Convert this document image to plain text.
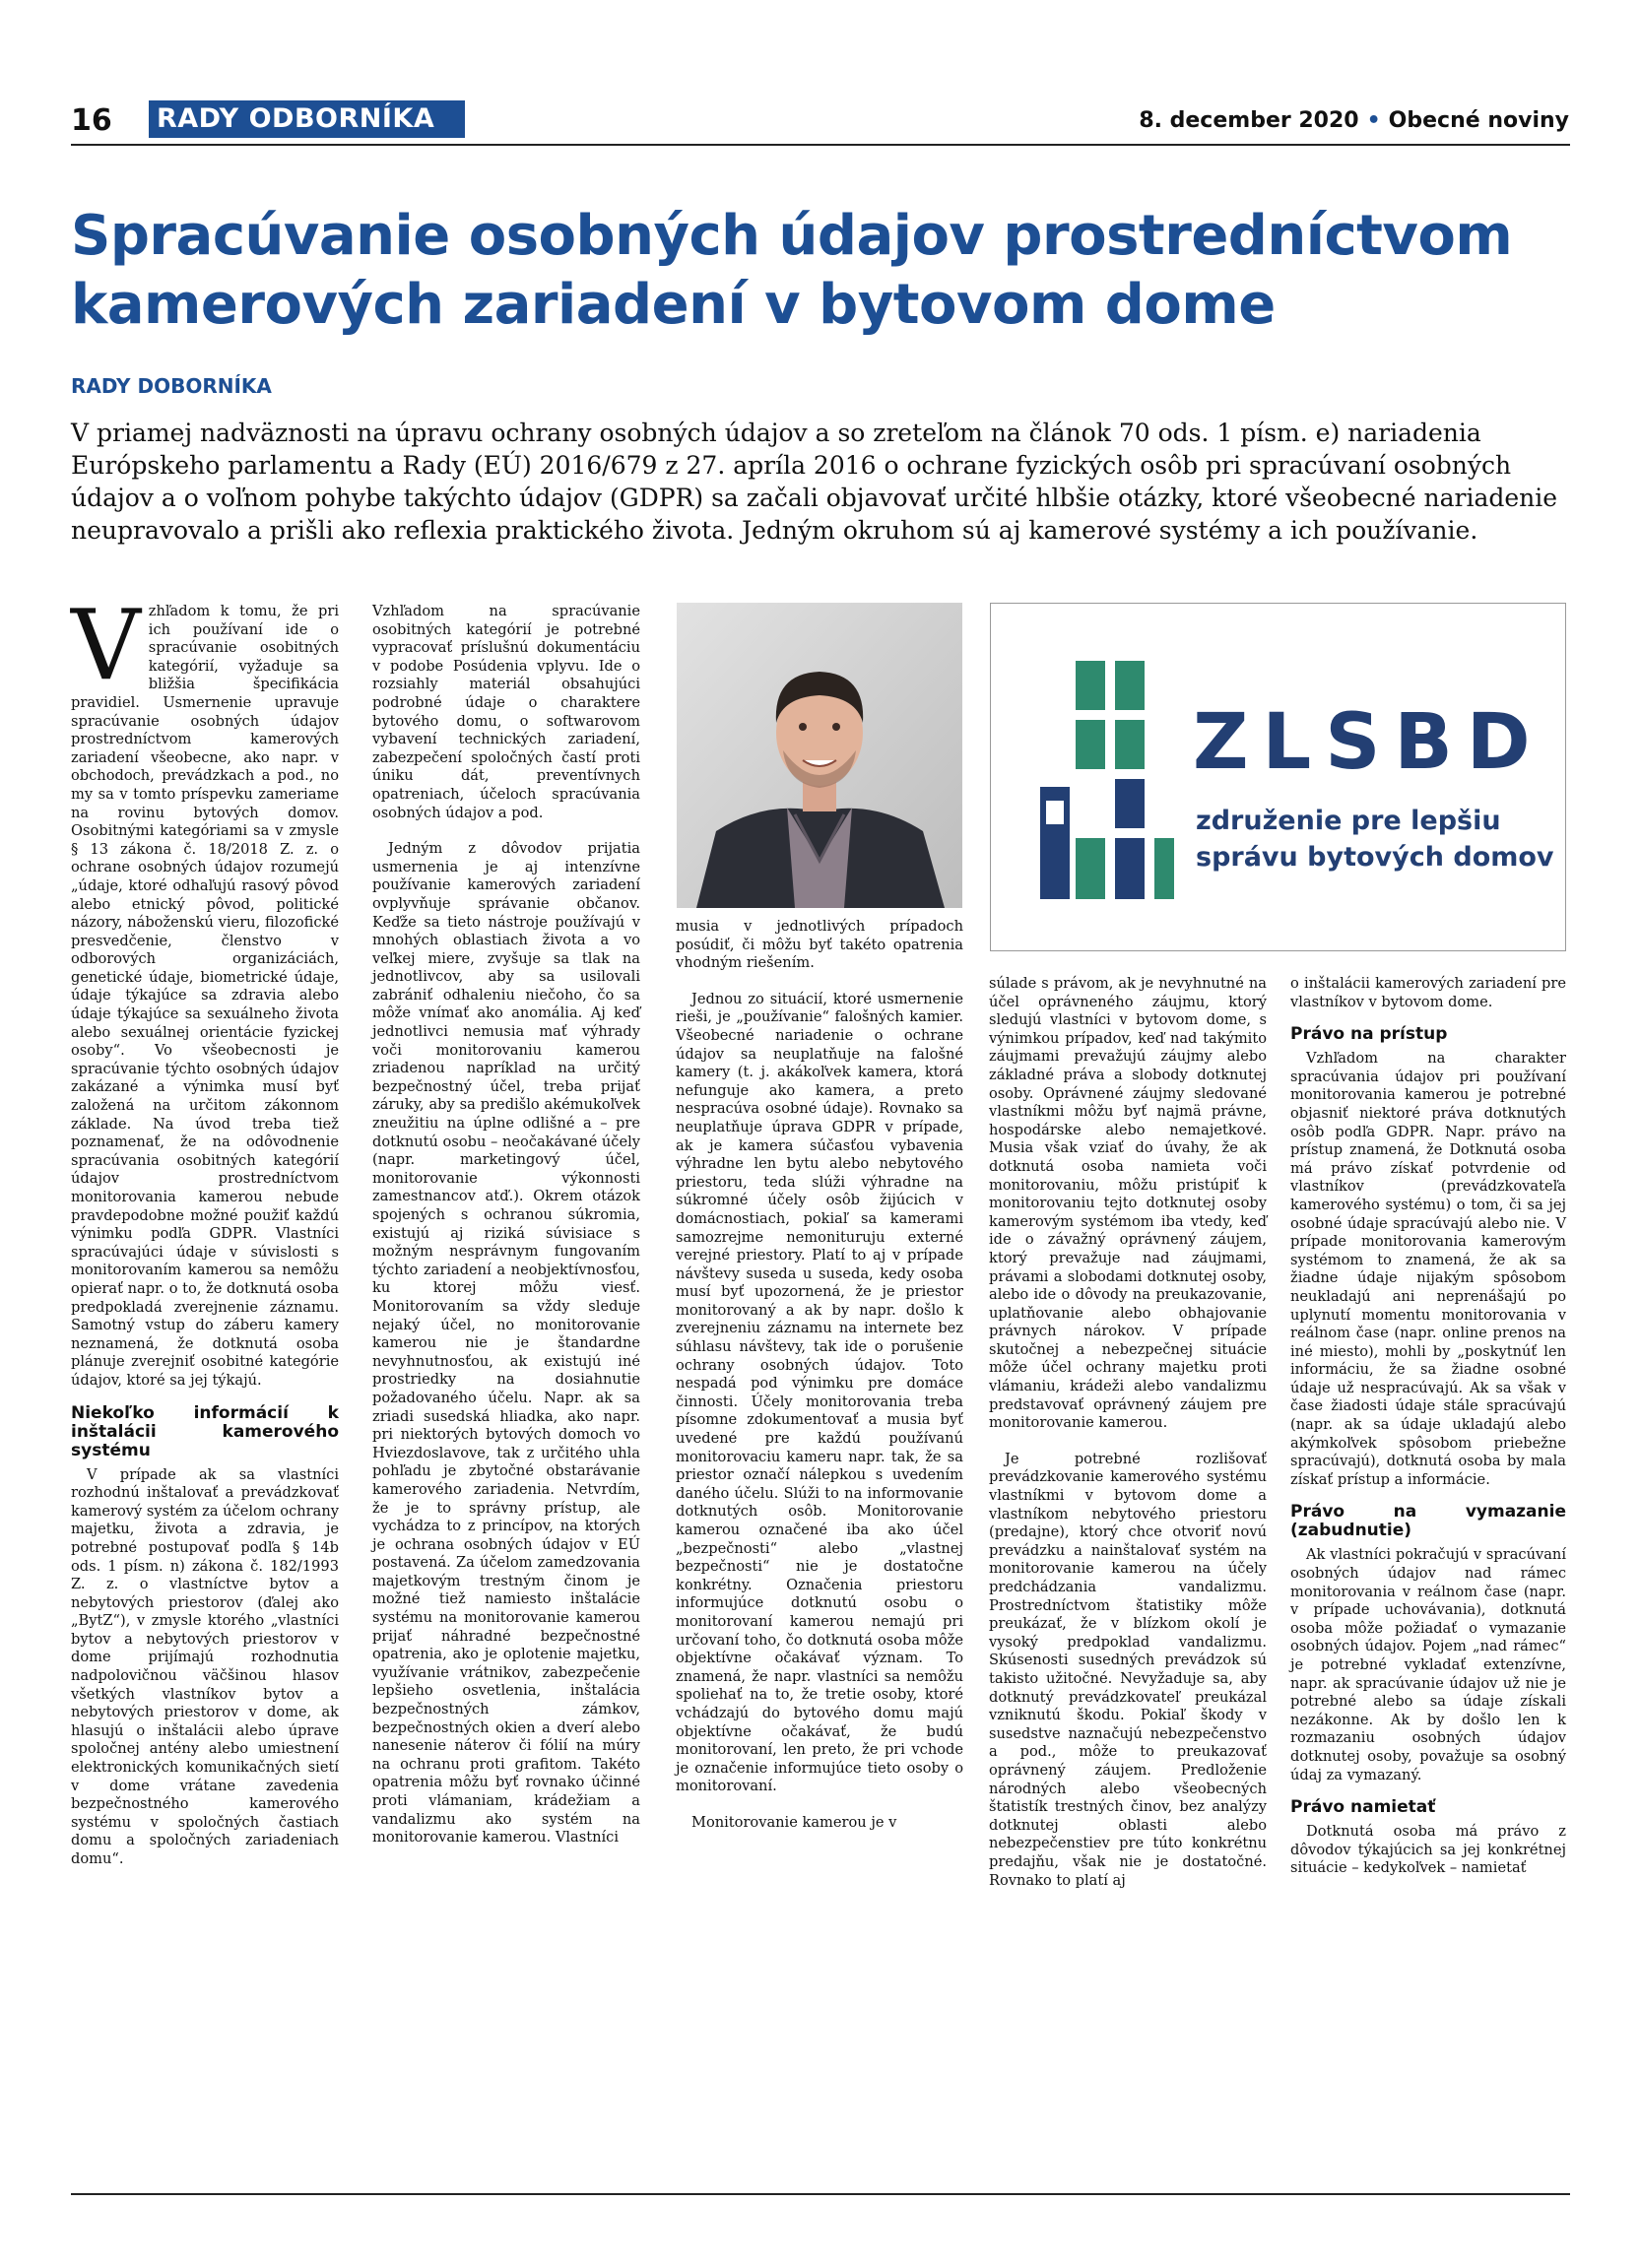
16 RADY ODBORNÍKA	8. december 2020 • Obecné noviny
Spracúvanie osobných údajov prostredníctvom kamerových zariadení v bytovom dome
RADY DOBORNÍKA

V priamej nadväznosti na úpravu ochrany osobných údajov a so zreteľom na článok 70 ods. 1 písm. e) nariadenia Európskeho parlamentu a Rady (EÚ) 2016/679 z 27. apríla 2016 o ochrane fyzických osôb pri spracúvaní osobných údajov a o voľnom pohybe takýchto údajov (GDPR) sa začali objavovať určité hlbšie otázky, ktoré všeobecné nariadenie neupravovalo a prišli ako reflexia praktického života. Jedným okruhom sú aj kamerové systémy a ich používanie.

Vzhľadom k tomu, že pri ich používaní ide o spracúvanie osobitných kategórií, vyžaduje sa bližšia špecifikácia pravidiel. Usmernenie upravuje spracúvanie osobných údajov prostredníctvom kamerových zariadení všeobecne, ako napr. v obchodoch, prevádzkach a pod., no my sa v tomto príspevku zameriame na rovinu bytových domov. Osobitnými kategóriami sa v zmysle § 13 zákona č. 18/2018 Z. z. o ochrane osobných údajov rozumejú „údaje, ktoré odhaľujú rasový pôvod alebo etnický pôvod, politické názory, náboženskú vieru, filozofické presvedčenie, členstvo v odborových organizáciách, genetické údaje, biometrické údaje, údaje týkajúce sa zdravia alebo údaje týkajúce sa sexuálneho života alebo sexuálnej orientácie fyzickej osoby“. Vo všeobecnosti je spracúvanie týchto osobných údajov zakázané a výnimka musí byť založená na určitom zákonnom základe. Na úvod treba tiež poznamenať, že na odôvodnenie spracúvania osobitných kategórií údajov prostredníctvom monitorovania kamerou nebude pravdepodobne možné použiť každú výnimku podľa GDPR. Vlastníci spracúvajúci údaje v súvislosti s monitorovaním kamerou sa nemôžu opierať napr. o to, že dotknutá osoba predpokladá zverejnenie záznamu. Samotný vstup do záberu kamery neznamená, že dotknutá osoba plánuje zverejniť osobitné kategórie údajov, ktoré sa jej týkajú.

Niekoľko informácií k inštalácii kamerového systému

V prípade ak sa vlastníci rozhodnú inštalovať a prevádzkovať kamerový systém za účelom ochrany majetku, života a zdravia, je potrebné postupovať podľa § 14b ods. 1 písm. n) zákona č. 182/1993 Z. z. o vlastníctve bytov a nebytových priestorov (ďalej ako „BytZ“), v zmysle ktorého „vlastníci bytov a nebytových priestorov v dome prijímajú rozhodnutia nadpolovičnou väčšinou hlasov všetkých vlastníkov bytov a nebytových priestorov v dome, ak hlasujú o inštalácii alebo úprave spoločnej antény alebo umiestnení elektronických komunikačných sietí v dome vrátane zavedenia bezpečnostného kamerového systému v spoločných častiach domu a spoločných zariadeniach domu“.

Vzhľadom na spracúvanie osobitných kategórií je potrebné vypracovať príslušnú dokumentáciu v podobe Posúdenia vplyvu. Ide o rozsiahly materiál obsahujúci podrobné údaje o charaktere bytového domu, o softwarovom vybavení technických zariadení, zabezpečení spoločných častí proti úniku dát, preventívnych opatreniach, účeloch spracúvania osobných údajov a pod.

Jedným z dôvodov prijatia usmernenia je aj intenzívne používanie kamerových zariadení ovplyvňuje správanie občanov. Keďže sa tieto nástroje používajú v mnohých oblastiach života a vo veľkej miere, zvyšuje sa tlak na jednotlivcov, aby sa usilovali zabrániť odhaleniu niečoho, čo sa môže vnímať ako anomália. Aj keď jednotlivci nemusia mať výhrady voči monitorovaniu kamerou zriadenou napríklad na určitý bezpečnostný účel, treba prijať záruky, aby sa predišlo akémukoľvek zneužitiu na úplne odlišné a – pre dotknutú osobu – neočakávané účely (napr. marketingový účel, monitorovanie výkonnosti zamestnancov atď.). Okrem otázok spojených s ochranou súkromia, existujú aj riziká súvisiace s možným nesprávnym fungovaním týchto zariadení a neobjektívnosťou, ku ktorej môžu viesť. Monitorovaním sa vždy sleduje nejaký účel, no monitorovanie kamerou nie je štandardne nevyhnutnosťou, ak existujú iné prostriedky na dosiahnutie požadovaného účelu. Napr. ak sa zriadi susedská hliadka, ako napr. pri niektorých bytových domoch vo Hviezdoslavove, tak z určitého uhla pohľadu je zbytočné obstarávanie kamerového zariadenia. Netvrdím, že je to správny prístup, ale vychádza to z princípov, na ktorých je ochrana osobných údajov v EÚ postavená. Za účelom zamedzovania majetkovým trestným činom je možné tiež namiesto inštalácie systému na monitorovanie kamerou prijať náhradné bezpečnostné opatrenia, ako je oplotenie majetku, využívanie vrátnikov, zabezpečenie lepšieho osvetlenia, inštalácia bezpečnostných zámkov, bezpečnostných okien a dverí alebo nanesenie náterov či fólií na múry na ochranu proti grafitom. Takéto opatrenia môžu byť rovnako účinné proti vlámaniam, krádežiam a vandalizmu ako systém na monitorovanie kamerou. Vlastníci

ZLSBD
združenie pre lepšiu
správu bytových domov

musia v jednotlivých prípadoch posúdiť, či môžu byť takéto opatrenia vhodným riešením.

Jednou zo situácií, ktoré usmernenie rieši, je „používanie“ falošných kamier. Všeobecné nariadenie o ochrane údajov sa neuplatňuje na falošné kamery (t. j. akákoľvek kamera, ktorá nefunguje ako kamera, a preto nespracúva osobné údaje). Rovnako sa neuplatňuje úprava GDPR v prípade, ak je kamera súčasťou vybavenia výhradne len bytu alebo nebytového priestoru, teda slúži výhradne na súkromné účely osôb žijúcich v domácnostiach, pokiaľ sa kamerami samozrejme nemonituruju externé verejné priestory. Platí to aj v prípade návštevy suseda u suseda, kedy osoba musí byť upozornená, že je priestor monitorovaný a ak by napr. došlo k zverejneniu záznamu na internete bez súhlasu návštevy, tak ide o porušenie ochrany osobných údajov. Toto nespadá pod výnimku pre domáce činnosti. Účely monitorovania treba písomne zdokumentovať a musia byť uvedené pre každú používanú monitorovaciu kameru napr. tak, že sa priestor označí nálepkou s uvedením daného účelu. Slúži to na informovanie dotknutých osôb. Monitorovanie kamerou označené iba ako účel „bezpečnosti“ alebo „vlastnej bezpečnosti“ nie je dostatočne konkrétny. Označenia priestoru informujúce dotknutú osobu o monitorovaní kamerou nemajú pri určovaní toho, čo dotknutá osoba môže objektívne očakávať význam. To znamená, že napr. vlastníci sa nemôžu spoliehať na to, že tretie osoby, ktoré vchádzajú do bytového domu majú objektívne očakávať, že budú monitorovaní, len preto, že pri vchode je označenie informujúce tieto osoby o monitorovaní.

Monitorovanie kamerou je v

súlade s právom, ak je nevyhnutné na účel oprávneného záujmu, ktorý sledujú vlastníci v bytovom dome, s výnimkou prípadov, keď nad takýmito záujmami prevažujú záujmy alebo základné práva a slobody dotknutej osoby. Oprávnené záujmy sledované vlastníkmi môžu byť najmä právne, hospodárske alebo nemajetkové. Musia však vziať do úvahy, že ak dotknutá osoba namieta voči monitorovaniu, môžu pristúpiť k monitorovaniu tejto dotknutej osoby kamerovým systémom iba vtedy, keď ide o závažný oprávnený záujem, ktorý prevažuje nad záujmami, právami a slobodami dotknutej osoby, alebo ide o dôvody na preukazovanie, uplatňovanie alebo obhajovanie právnych nárokov. V prípade skutočnej a nebezpečnej situácie môže účel ochrany majetku proti vlámaniu, krádeži alebo vandalizmu predstavovať oprávnený záujem pre monitorovanie kamerou.

Je potrebné rozlišovať prevádzkovanie kamerového systému vlastníkmi v bytovom dome a vlastníkom nebytového priestoru (predajne), ktorý chce otvoriť novú prevádzku a nainštalovať systém na monitorovanie kamerou na účely predchádzania vandalizmu. Prostredníctvom štatistiky môže preukázať, že v blízkom okolí je vysoký predpoklad vandalizmu. Skúsenosti susedných prevádzok sú takisto užitočné. Nevyžaduje sa, aby dotknutý prevádzkovateľ preukázal vzniknutú škodu. Pokiaľ škody v susedstve naznačujú nebezpečenstvo a pod., môže to preukazovať oprávnený záujem. Predloženie národných alebo všeobecných štatistík trestných činov, bez analýzy dotknutej oblasti alebo nebezpečenstiev pre túto konkrétnu predajňu, však nie je dostatočné. Rovnako to platí aj

o inštalácii kamerových zariadení pre vlastníkov v bytovom dome.

Právo na prístup

Vzhľadom na charakter spracúvania údajov pri používaní monitorovania kamerou je potrebné objasniť niektoré práva dotknutých osôb podľa GDPR. Napr. právo na prístup znamená, že Dotknutá osoba má právo získať potvrdenie od vlastníkov (prevádzkovateľa kamerového systému) o tom, či sa jej osobné údaje spracúvajú alebo nie. V prípade monitorovania kamerovým systémom to znamená, že ak sa žiadne údaje nijakým spôsobom neukladajú ani neprenášajú po uplynutí momentu monitorovania v reálnom čase (napr. online prenos na iné miesto), mohli by „poskytnúť len informáciu, že sa žiadne osobné údaje už nespracúvajú. Ak sa však v čase žiadosti údaje stále spracúvajú (napr. ak sa údaje ukladajú alebo akýmkoľvek spôsobom priebežne spracúvajú), dotknutá osoba by mala získať prístup a informácie.

Právo na vymazanie (zabudnutie)

Ak vlastníci pokračujú v spracúvaní osobných údajov nad rámec monitorovania v reálnom čase (napr. v prípade uchovávania), dotknutá osoba môže požiadať o vymazanie osobných údajov. Pojem „nad rámec“ je potrebné vykladať extenzívne, napr. ak spracúvanie údajov už nie je potrebné alebo sa údaje získali nezákonne. Ak by došlo len k rozmazaniu osobných údajov dotknutej osoby, považuje sa osobný údaj za vymazaný.

Právo namietať

Dotknutá osoba má právo z dôvodov týkajúcich sa jej konkrétnej situácie – kedykoľvek – namietať
